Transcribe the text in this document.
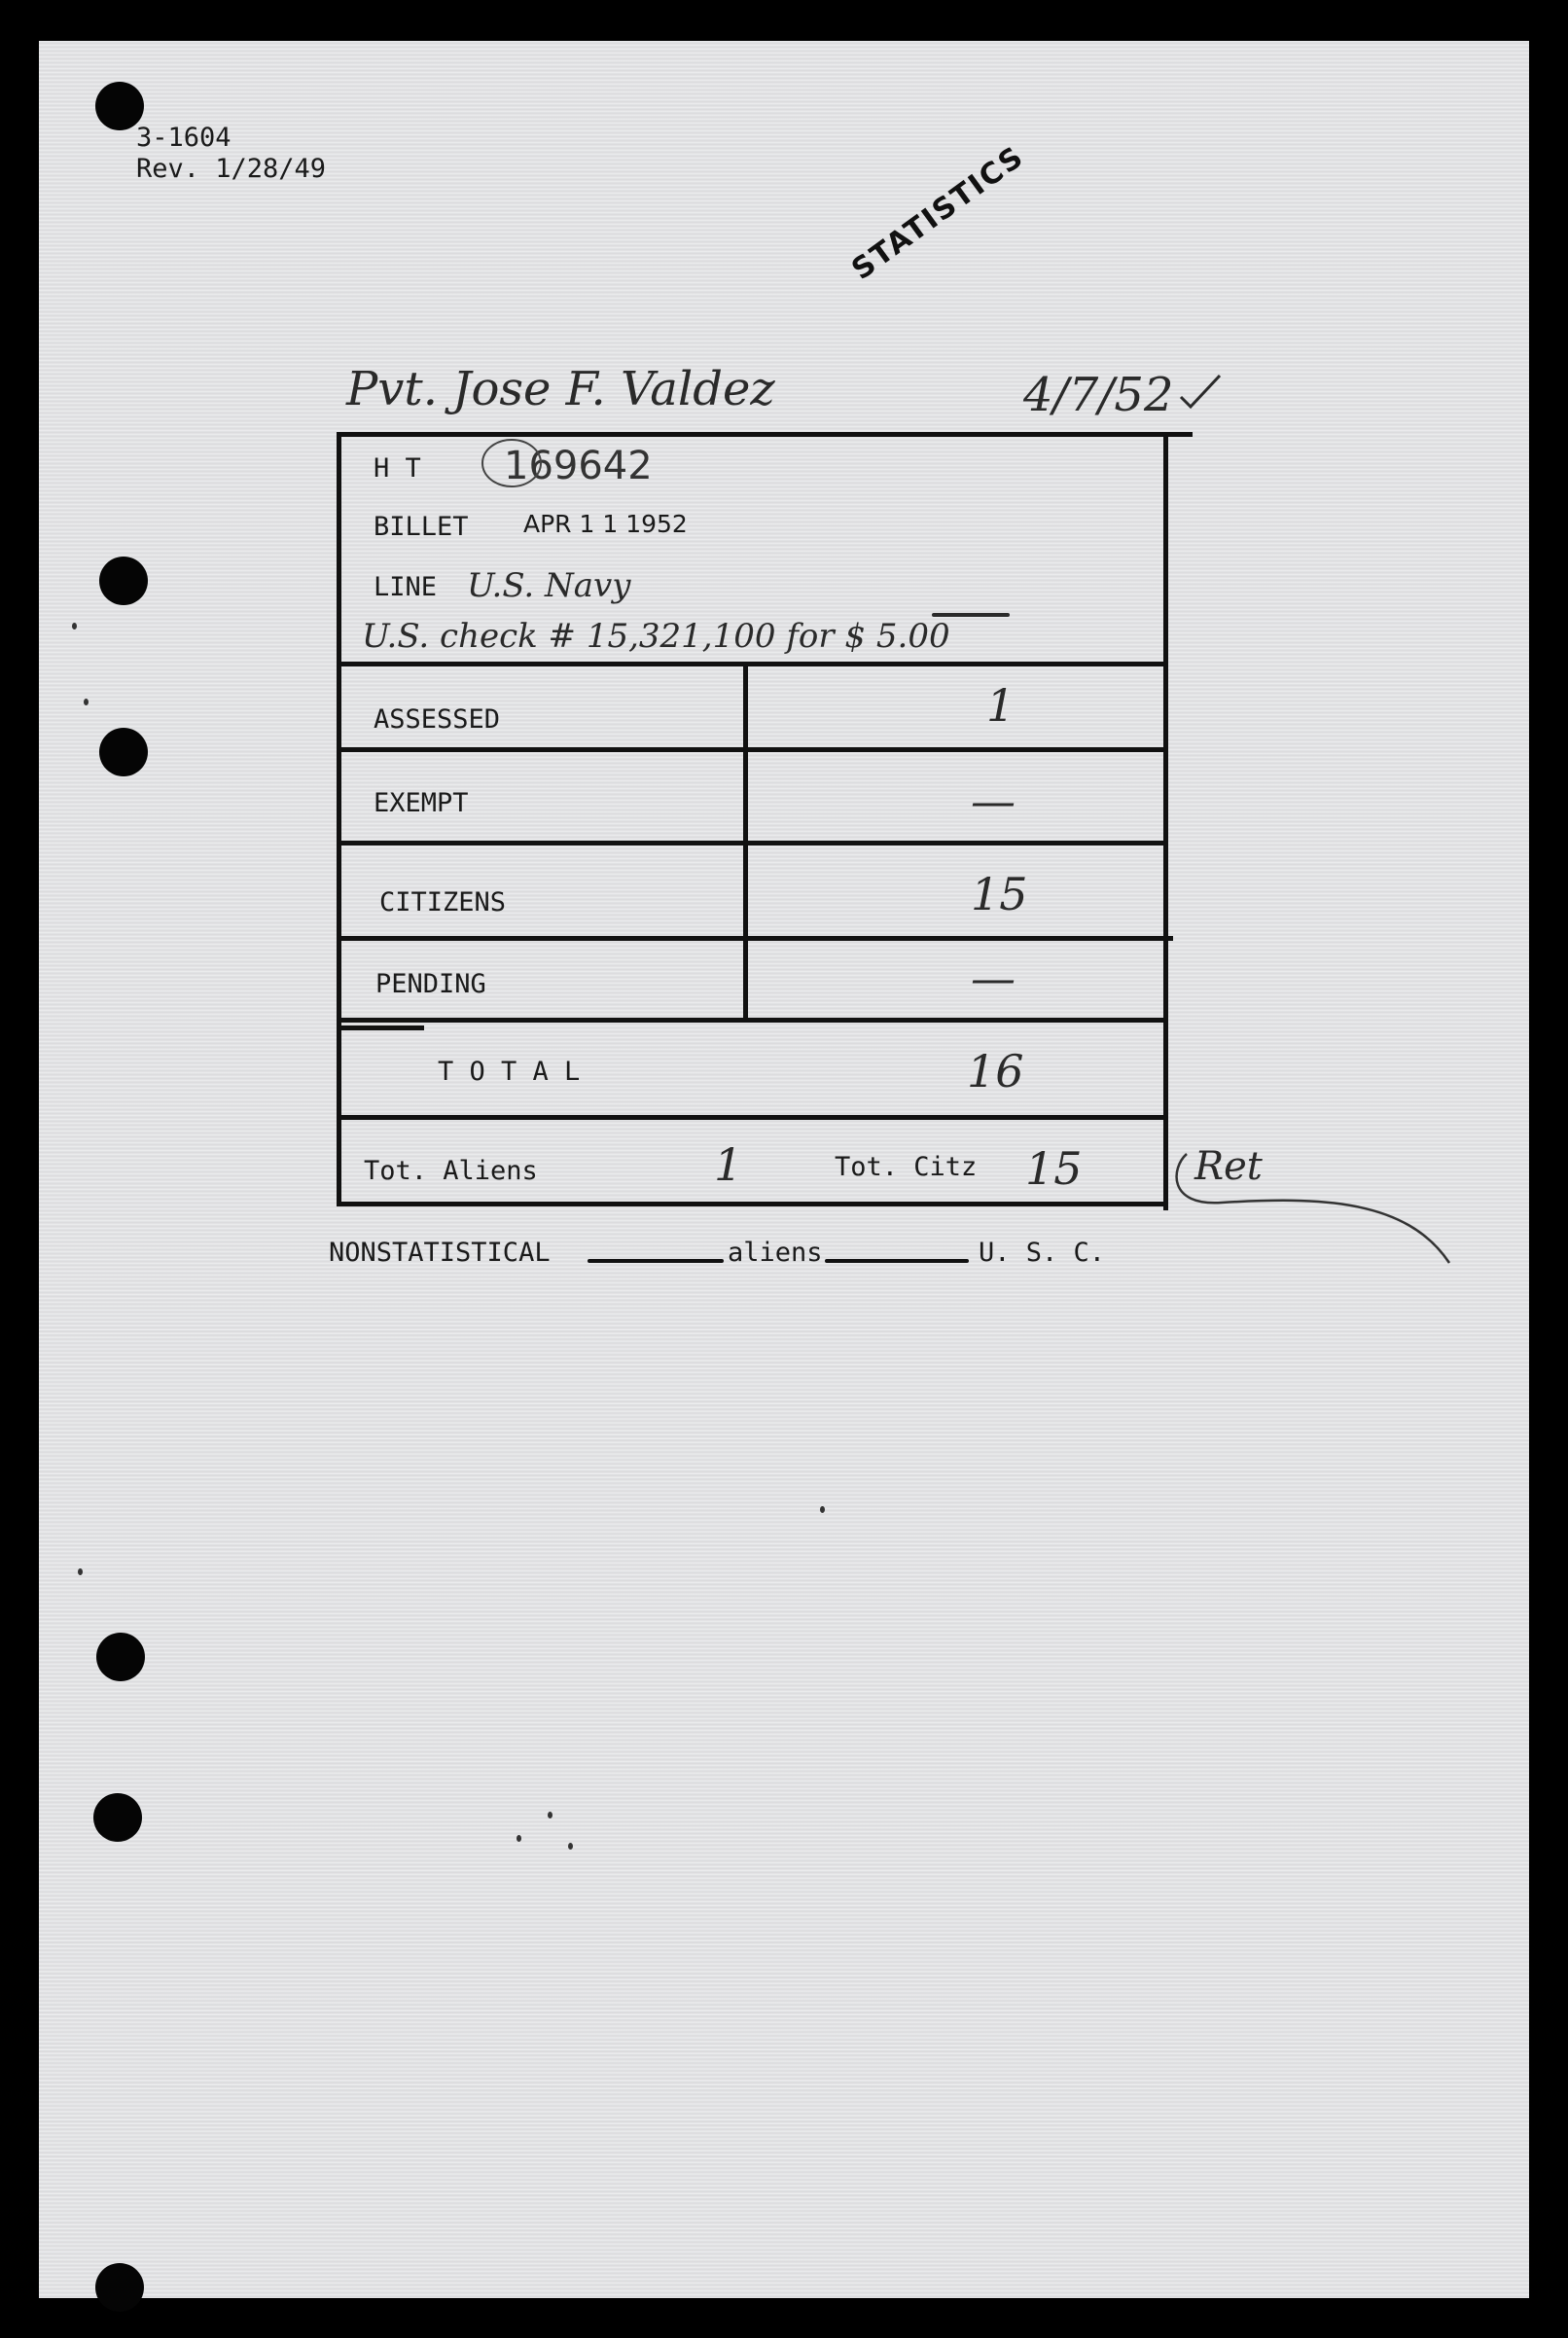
3-1604
Rev. 1/28/49	STATISTICS
Pvt. Jose F. Valdez	4/7/52
H T 169642
BILLET APR 1 1 1952
LINE U.S. Navy
U.S. check # 15,321,100 for $ 5.00
ASSESSED	1
EXEMPT	—
CITIZENS	15
PENDING	—
T O T A L	16
Tot. Aliens	1	Tot. Citz 15	Ret
NONSTATISTICAL	aliens	U. S. C.
